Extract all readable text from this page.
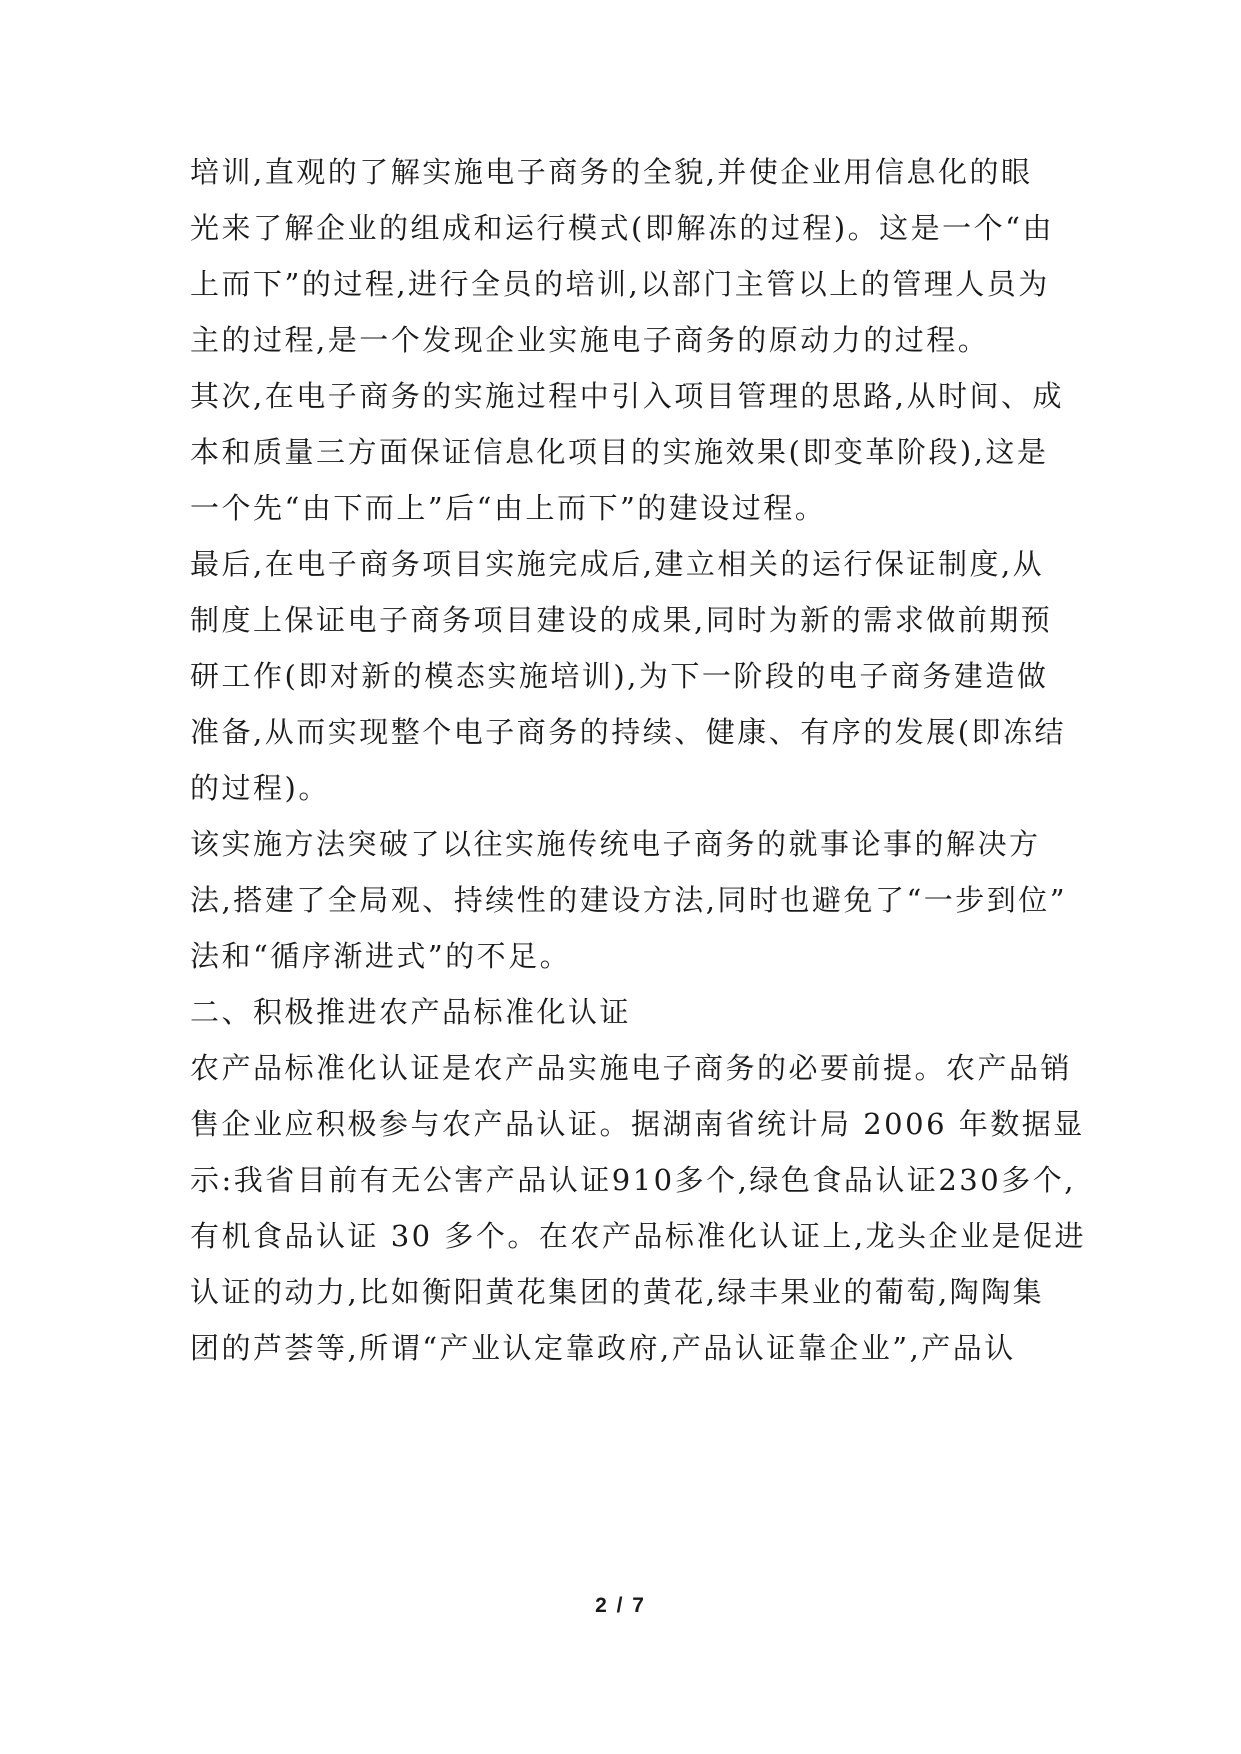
培训,直观的了解实施电子商务的全貌,并使企业用信息化的眼
光来了解企业的组成和运行模式(即解冻的过程)。这是一个“由
上而下”的过程,进行全员的培训,以部门主管以上的管理人员为
主的过程,是一个发现企业实施电子商务的原动力的过程。
其次,在电子商务的实施过程中引入项目管理的思路,从时间、成
本和质量三方面保证信息化项目的实施效果(即变革阶段),这是
一个先“由下而上”后“由上而下”的建设过程。
最后,在电子商务项目实施完成后,建立相关的运行保证制度,从
制度上保证电子商务项目建设的成果,同时为新的需求做前期预
研工作(即对新的模态实施培训),为下一阶段的电子商务建造做
准备,从而实现整个电子商务的持续、健康、有序的发展(即冻结
的过程)。
该实施方法突破了以往实施传统电子商务的就事论事的解决方
法,搭建了全局观、持续性的建设方法,同时也避免了“一步到位”
法和“循序渐进式”的不足。
二、积极推进农产品标准化认证
农产品标准化认证是农产品实施电子商务的必要前提。农产品销
售企业应积极参与农产品认证。据湖南省统计局 2006 年数据显
示:我省目前有无公害产品认证910多个,绿色食品认证230多个,
有机食品认证 30 多个。在农产品标准化认证上,龙头企业是促进
认证的动力,比如衡阳黄花集团的黄花,绿丰果业的葡萄,陶陶集
团的芦荟等,所谓“产业认定靠政府,产品认证靠企业”,产品认
2 / 7
